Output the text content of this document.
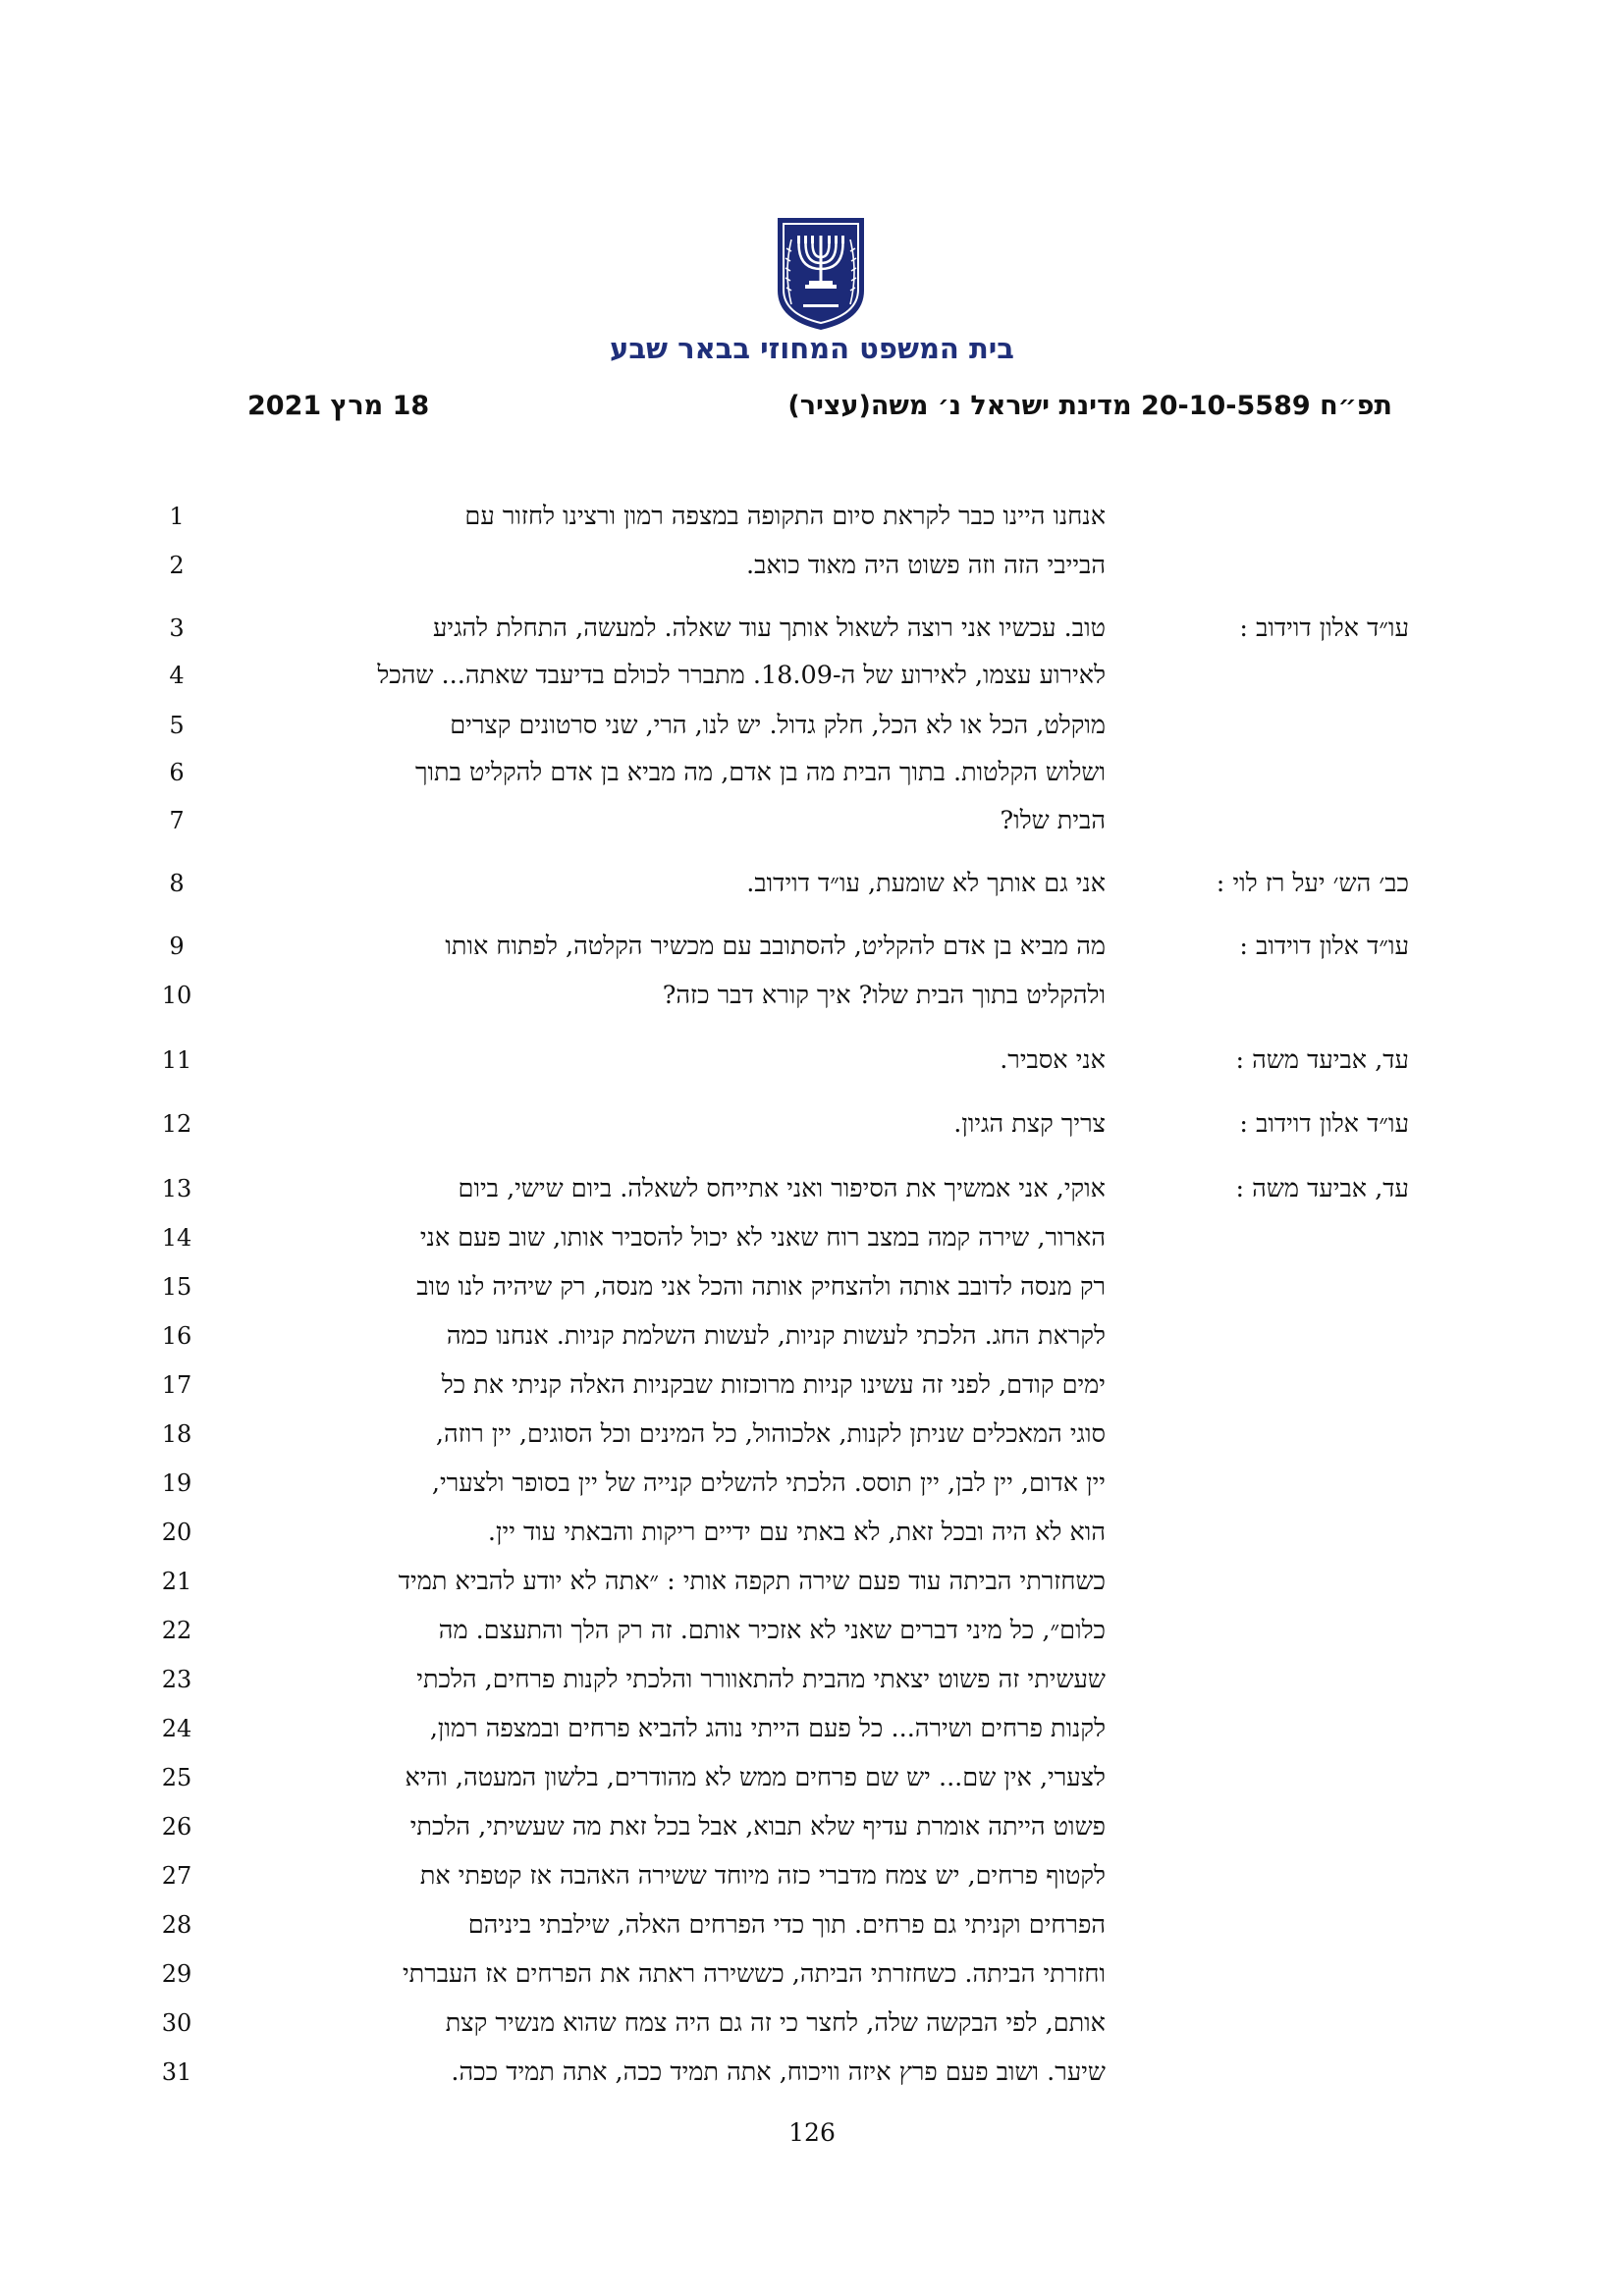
בית המשפט המחוזי בבאר שבע
תפ״ח 20-10-5589 מדינת ישראל נ׳ משה(עציר)
18 מרץ 2021
1	אנחנו היינו כבר לקראת סיום התקופה במצפה רמון ורצינו לחזור עם
2	הבייבי הזה וזה פשוט היה מאוד כואב.
3	טוב. עכשיו אני רוצה לשאול אותך עוד שאלה. למעשה, התחלת להגיע	עו״ד אלון דוידוב :
4	לאירוע עצמו, לאירוע של ה-18.09. מתברר לכולם בדיעבד שאתה... שהכל
5	מוקלט, הכל או לא הכל, חלק גדול. יש לנו, הרי, שני סרטונים קצרים
6	ושלוש הקלטות. בתוך הבית מה בן אדם, מה מביא בן אדם להקליט בתוך
7	הבית שלו?
8	אני גם אותך לא שומעת, עו״ד דוידוב.	כב׳ הש׳ יעל רז לוי :
9	מה מביא בן אדם להקליט, להסתובב עם מכשיר הקלטה, לפתוח אותו	עו״ד אלון דוידוב :
10	ולהקליט בתוך הבית שלו? איך קורא דבר כזה?
11	אני אסביר.	עד, אביעד משה :
12	צריך קצת הגיון.	עו״ד אלון דוידוב :
13	אוקי, אני אמשיך את הסיפור ואני אתייחס לשאלה. ביום שישי, ביום	עד, אביעד משה :
14	הארור, שירה קמה במצב רוח שאני לא יכול להסביר אותו, שוב פעם אני
15	רק מנסה לדובב אותה ולהצחיק אותה והכל אני מנסה, רק שיהיה לנו טוב
16	לקראת החג. הלכתי לעשות קניות, לעשות השלמת קניות. אנחנו כמה
17	ימים קודם, לפני זה עשינו קניות מרוכזות שבקניות האלה קניתי את כל
18	סוגי המאכלים שניתן לקנות, אלכוהול, כל המינים וכל הסוגים, יין רוזה,
19	יין אדום, יין לבן, יין תוסס. הלכתי להשלים קנייה של יין בסופר ולצערי,
20	הוא לא היה ובכל זאת, לא באתי עם ידיים ריקות והבאתי עוד יין.
21	כשחזרתי הביתה עוד פעם שירה תקפה אותי : ״אתה לא יודע להביא תמיד
22	כלום״, כל מיני דברים שאני לא אזכיר אותם. זה רק הלך והתעצם. מה
23	שעשיתי זה פשוט יצאתי מהבית להתאוורר והלכתי לקנות פרחים, הלכתי
24	לקנות פרחים ושירה... כל פעם הייתי נוהג להביא פרחים ובמצפה רמון,
25	לצערי, אין שם... יש שם פרחים ממש לא מהודרים, בלשון המעטה, והיא
26	פשוט הייתה אומרת עדיף שלא תבוא, אבל בכל זאת מה שעשיתי, הלכתי
27	לקטוף פרחים, יש צמח מדברי כזה מיוחד ששירה האהבה אז קטפתי את
28	הפרחים וקניתי גם פרחים. תוך כדי הפרחים האלה, שילבתי ביניהם
29	וחזרתי הביתה. כשחזרתי הביתה, כששירה ראתה את הפרחים אז העברתי
30	אותם, לפי הבקשה שלה, לחצר כי זה גם היה צמח שהוא מנשיר קצת
31	שיער. ושוב פעם פרץ איזה וויכוח, אתה תמיד ככה, אתה תמיד ככה.
126
